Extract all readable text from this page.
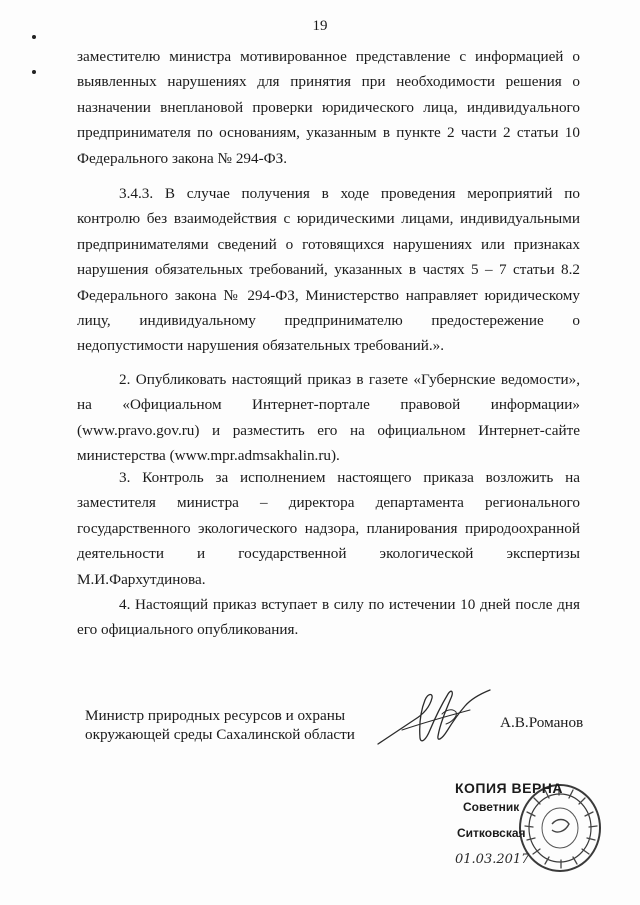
19

заместителю министра мотивированное представление с информацией о выявленных нарушениях для принятия при необходимости решения о назначении внеплановой проверки юридического лица, индивидуального предпринимателя по основаниям, указанным в пункте 2 части 2 статьи 10 Федерального закона № 294-ФЗ.

3.4.3. В случае получения в ходе проведения мероприятий по контролю без взаимодействия с юридическими лицами, индивидуальными предпринимателями сведений о готовящихся нарушениях или признаках нарушения обязательных требований, указанных в частях 5 – 7 статьи 8.2 Федерального закона № 294-ФЗ, Министерство направляет юридическому лицу, индивидуальному предпринимателю предостережение о недопустимости нарушения обязательных требований.».

2. Опубликовать настоящий приказ в газете «Губернские ведомости», на «Официальном Интернет-портале правовой информации» (www.pravo.gov.ru) и разместить его на официальном Интернет-сайте министерства (www.mpr.admsakhalin.ru).

3. Контроль за исполнением настоящего приказа возложить на заместителя министра – директора департамента регионального государственного экологического надзора, планирования природоохранной деятельности и государственной экологической экспертизы М.И.Фархутдинова.

4. Настоящий приказ вступает в силу по истечении 10 дней после дня его официального опубликования.

Министр природных ресурсов и охраны
окружающей среды Сахалинской области
А.В.Романов
КОПИЯ ВЕРНА
Советник
Ситковская
01.03.2017
